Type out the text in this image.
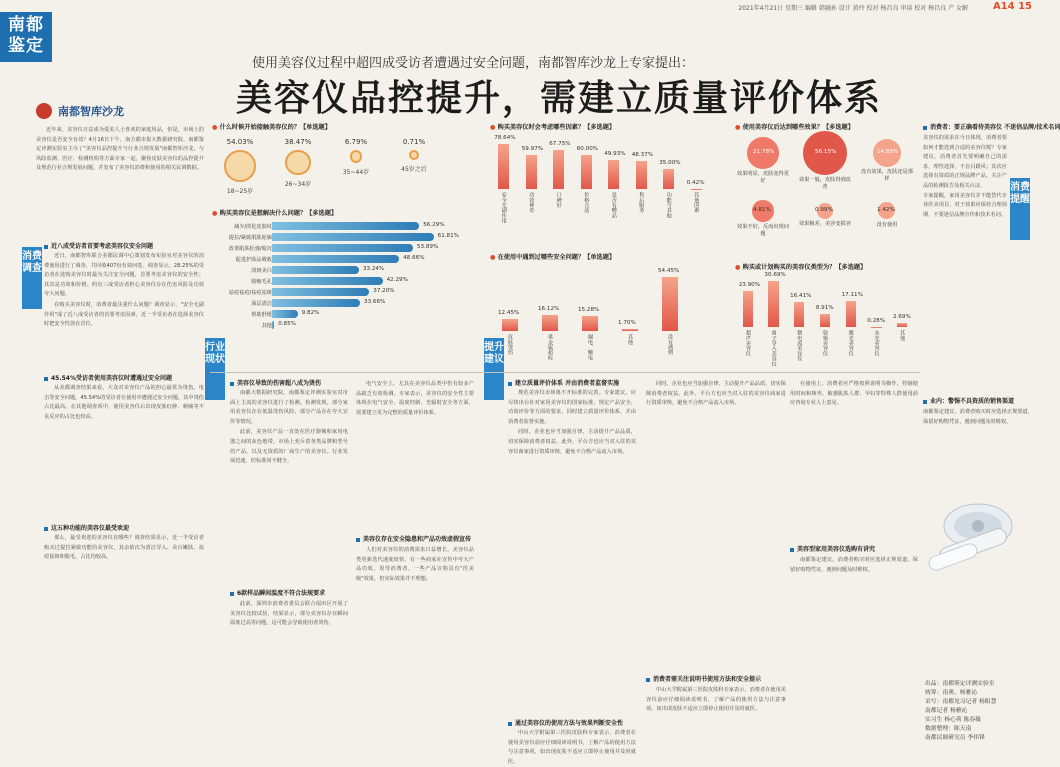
2021年4月21日 星期三 编辑 韩融孙 设计 黄玲 校对 杨昌良 审读 校对 杨昌良 产 女解 A14 15
南都
鉴定
使用美容仪过程中超四成受访者遭遇过安全问题，南都智库沙龙上专家提出：
美容仪品控提升，需建立质量评价体系
南都智库沙龙
消费调查
行业现状
提升建议
消费提醒

近年来，美容仪日益成为爱美人士喜欢的家庭用品，但是，市场上的美容仪是否安全有效？4月16日下午，南方都市报大数据研究院、南都鉴定评测实验室主办了"美容仪品控提升与行业合规发展"南都智库沙龙，与风险监测、医疗、检测机构等方面专家一起，聚焦皮肤美容仪的品控提升及规范行业合规发展问题，并发布了美容仪消费和使用的相关民调数据。

近八成受访者首要考虑美容仪安全问题

近日，南都智库联合美都民调中心策划发布实验室对美容仪的消费使用进行了调查，共回收407份有效问卷。调查显示，28.25%的受访者在选购美容仪时最为关注安全问题，首要考虑美容仪的安全性；其次是功效和价格。约有三成受访者担心美容仪存在伤害风险及功效夸大问题。

在购买美容仪时，消费者最注重什么问题？调查显示，"安全无副作用"成了近八成受访者的首要考虑因素，近一半受访者在选择美容仪时把安全性放在首位。

45.54%受访者使用美容仪时遭遇过安全问题

从美都调查结果来看，大众对美容仪产品的担心最常为烫伤、电击等安全问题，45.54%的受访者在使用中遭遇过安全问题，其中烫伤占比最高。在其他调查项中，使用美容仪后出现皮肤红肿、刺痛等不良反应的占比也较高。

这五种功能的美容仪最受欢迎

那么，最受欢迎的美容仪有哪些？调查结果显示，近一半受访者购买过提拉紧致功能的美容仪，其余依次为清洁导入、美白嫩肤、祛痘祛斑和脱毛，占比均较高。

● 什么时候开始接触美容仪的？【单选题】
54.03%
18~25岁
38.47%
26~34岁
6.79%
35~44岁
0.71%
45岁之后
● 购买美容仪是想解决什么问题？【多选题】
减少/淡化皮肤纹	56.29%
提拉/紧致肌肤轮廓	61.81%
改善肌肤松弛/暗沉	53.89%
促进护肤品吸收	48.66%
淡斑美白	33.24%
收缩毛孔	42.29%
祛痘祛痘/祛痘祛斑	37.20%
深层清洁	33.66%
帮助舒缓	9.82%
其他 0.85%
● 购买美容仪时会考虑哪些因素？【多选题】
78.64%
安全无副作用
59.97%
功效神奇
67.75%
口碑好
60.00%
价格合适
49.93%
是否有赠品
48.37%
售后服务
35.00%
功能与其他
0.42%
其他因素
● 在使用中遇到过哪些安全问题？【单选题】
12.45%
皮肤烫伤
16.12%
重金属超标
15.28%
漏电、触电
1.70%
其他
54.45%
没有遇到
● 使用美容仪后达到哪些效果？【多选题】
21.78%
效果明显，皮肤变得更好
56.15%
效果一般，皮肤得到改善
14.85%
没有效果，皮肤还是那样
4.81%
效果不好，反而出现问题
0.99%
效果极差，美容变损容
1.42%
没有使用
● 购买或计划购买的美容仪类型为？【多选题】
23.90%
超声美容仪
30.69%
离子导入美容仪
16.41%
微电流美容仪
8.91%
射频美容仪
17.11%
激光美容仪
0.28%
水光美容仪
2.69%
其他
美容仪导致的伤害超八成为烫伤

南都大数据研究院、南都鉴定评测实验室对市面上主流的美容仪进行了检测。检测发现，部分家用美容仪存在低温烫伤风险，部分产品存在夸大宣传等情况。

此前，美容仪产品一直处在医疗器械和家用电器之间的灰色地带，市场上充斥着各类品牌和型号的产品，以及无资质的厂商生产的美容仪。行业发展迅速，但标准尚不健全。

6款样品瞬间温度不符合法规要求

此前，深圳市消费者委员会联合福田区开展了美容仪比较试验，结果显示，部分美容仪存在瞬间温度过高等问题，这可能会导致使用者烫伤。

电气安全上，尤其在美容仪品类中仍有较多产品缺乏有效检测。专家表示，美容仪的安全性主要体现在电气安全、温度控制、光辐射安全等方面，需要建立更为完整的质量评价体系。

美容仪存在安全隐患和产品功效虚假宣传

人们对美容仪的消费需求日益增长，美容仪品类更新迭代速度较快，有一些商家在宣传中夸大产品功效，误导消费者。一些产品宣称具有"医美级"效果，但实际效果并不理想。

建立质量评价体系 并由消费者监督实施

规范美容仪市场离不开标准的完善。专家建议，应尽快出台针对家用美容仪的国家标准，规定产品安全、功效评价等方面的要求，同时建立质量评价体系，并由消费者监督实施。

同时，企业也应当加强自律，主动提升产品品质，切实保障消费者权益。此外，平台方也应当对入驻的美容仪商家进行资质审核，避免不合格产品流入市场。

通过美容仪的使用方法与效果判断安全性

中山大学附属第三医院皮肤科专家表示，消费者在使用美容仪前应仔细阅读说明书，了解产品的使用方法与注意事项，如出现皮肤不适应立即停止使用并及时就医。

同时，企业也应当加强自律，主动提升产品品质，切实保障消费者权益。此外，平台方也应当对入驻的美容仪商家进行资质审核，避免不合格产品流入市场。

消费者需关注说明书使用方法和安全提示

中山大学附属第三医院皮肤科专家表示，消费者在使用美容仪前应仔细阅读说明书，了解产品的使用方法与注意事项，如出现皮肤不适应立即停止使用并及时就医。

在使用上，消费者应严格按照说明书操作，控制使用时间和频率。敏感肌肤人群、孕妇等特殊人群使用前应咨询专业人士意见。

美容型家用美容仪选购有讲究

南都鉴定建议，消费者购买时应选择正规渠道，保留好购物凭证，遇到问题及时维权。

消费者：要正确看待美容仪 不迷信品牌/技术名词

美容仪的需求在今日体现，消费者要如何才能选到合适的美容仪呢？专家建议，消费者首先要明确自己的需求，理性选择，不盲目跟风；其次应选择有资质的正规品牌产品，关注产品的检测报告及相关认证。

专家提醒，家用美容仪并不能替代专业医美项目，对于效果应保持合理预期，不要迷信品牌宣传和技术名词。

业内：警惕不具资质的销售渠道

南都鉴定建议，消费者购买时应选择正规渠道，保留好购物凭证，遇到问题及时维权。

出品：南都鉴定评测实验室
统筹：南奥、杨雅沁
采写：南都见习记者 杨阳慧
南都记者 杨雅沁
实习生 杨心荷 陈春薇
数据整理：陈天南
南都民调研究员 李伟锋
